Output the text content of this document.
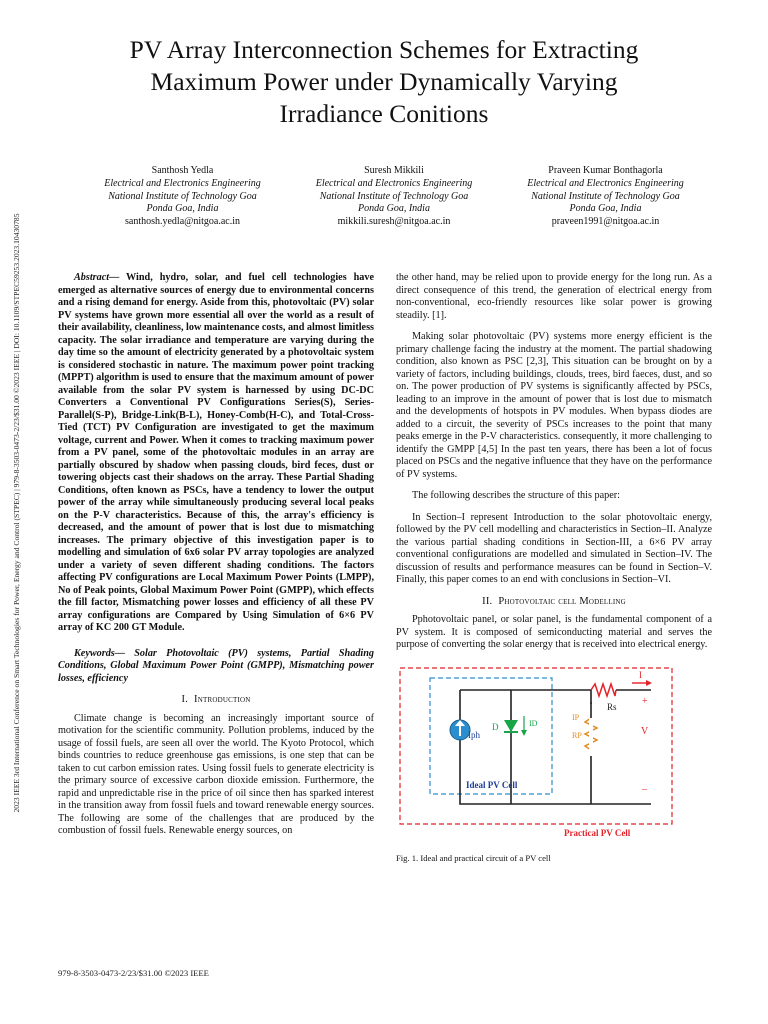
2023 IEEE 3rd International Conference on Smart Technologies for Power, Energy and Control (STPEC) | 979-8-3503-0473-2/23/$31.00 ©2023 IEEE | DOI: 10.1109/STPEC59253.2023.10430785
PV Array Interconnection Schemes for Extracting
Maximum Power under Dynamically Varying
Irradiance Conitions
Santhosh Yedla
Electrical and Electronics Engineering
National Institute of Technology Goa
Ponda Goa, India
santhosh.yedla@nitgoa.ac.in
Suresh Mikkili
Electrical and Electronics Engineering
National Institute of Technology Goa
Ponda Goa, India
mikkili.suresh@nitgoa.ac.in
Praveen Kumar Bonthagorla
Electrical and Electronics Engineering
National Institute of Technology Goa
Ponda Goa, India
praveen1991@nitgoa.ac.in

Abstract— Wind, hydro, solar, and fuel cell technologies have emerged as alternative sources of energy due to environmental concerns and a rising demand for energy. Aside from this, photovoltaic (PV) solar PV systems have grown more essential all over the world as a result of their availability, cleanliness, low maintenance costs, and almost limitless capacity. The solar irradiance and temperature are varying during the day time so the amount of electricity generated by a photovoltaic system is considered stochastic in nature. The maximum power point tracking (MPPT) algorithm is used to ensure that the maximum amount of power available from the solar PV system is harnessed by using DC-DC Converters a Conventional PV Configurations Series(S), Series-Parallel(S-P), Bridge-Link(B-L), Honey-Comb(H-C), and Total-Cross-Tied (TCT) PV Configuration are investigated to get the maximum voltage, current and Power. When it comes to tracking maximum power from a PV panel, some of the photovoltaic modules in an array are partially obscured by shadow when passing clouds, bird feces, dust or towering objects cast their shadows on the array. These Partial Shading Conditions, often known as PSCs, have a tendency to lower the output power of the array while simultaneously producing several local peaks on the P-V characteristics. Because of this, the array's efficiency is decreased, and the amount of power that is lost due to mismatching increases. The primary objective of this investigation paper is to modelling and simulation of 6x6 solar PV array topologies are analyzed under a variety of seven different shading conditions. The factors affecting PV configurations are Local Maximum Power Points (LMPP), No of Peak points, Global Maximum Power Point (GMPP), which effects the fill factor, Mismatching power losses and efficiency of all these PV array configurations are Compared by Using Simulation of 6×6 PV array of KC 200 GT Module.

Keywords— Solar Photovoltaic (PV) systems, Partial Shading Conditions, Global Maximum Power Point (GMPP), Mismatching power losses, efficiency

I. Introduction

Climate change is becoming an increasingly important source of motivation for the scientific community. Pollution problems, induced by the usage of fossil fuels, are seen all over the world. The Kyoto Protocol, which binds countries to reduce greenhouse gas emissions, is one step that can be taken to cut carbon emission rates. Using fossil fuels to generate electricity is the primary source of excessive carbon dioxide emission. Furthermore, the rapid and unpredictable rise in the price of oil since then has sparked interest in the transition away from fossil fuels and toward renewable energy sources. The following are some of the challenges that are produced by the combustion of fossil fuels. Renewable energy sources, on

the other hand, may be relied upon to provide energy for the long run. As a direct consequence of this trend, the generation of electrical energy from non-conventional, eco-friendly resources like solar power is growing steadily. [1].

Making solar photovoltaic (PV) systems more energy efficient is the primary challenge facing the industry at the moment. The partial shadowing condition, also known as PSC [2,3], This situation can be brought on by a variety of factors, including buildings, clouds, trees, bird faeces, dust, and so on. The power production of PV systems is significantly affected by PSCs, leading to an improve in the amount of power that is lost due to mismatch and the developments of hotspots in PV modules. When bypass diodes are added to a circuit, the severity of PSCs increases to the point that many peaks emerge in the P-V characteristics. consequently, it more challenging to identify the GMPP [4,5] In the past ten years, there has been a lot of focus placed on PSCs and the negative influence that they have on the performance of PV systems.

The following describes the structure of this paper:

In Section–I represent Introduction to the solar photovoltaic energy, followed by the PV cell modelling and characteristics in Section–II. Analyze the various partial shading conditions in Section-III, a 6×6 PV array conventional configurations are modelled and simulated in Section–IV. The discussion of results and performance measures can be found in Section–V. Finally, this paper comes to an end with conclusions in Section–VI.

II. Photovoltaic cell Modelling

Pphotovoltaic panel, or solar panel, is the fundamental component of a PV system. It is composed of semiconducting material and serves the purpose of converting the solar energy that is received into electrical energy.

Iph
D	ID
IP
RP
Rs
I
+
V
–
Ideal PV Cell
Practical PV Cell

Fig. 1. Ideal and practical circuit of a PV cell

979-8-3503-0473-2/23/$31.00 ©2023 IEEE
